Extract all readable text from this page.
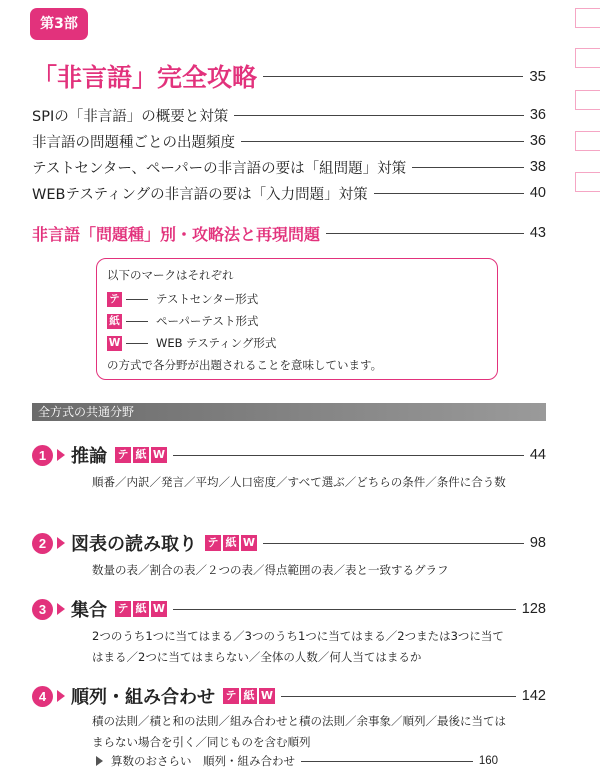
第3部
「非言語」完全攻略	35
SPIの「非言語」の概要と対策	36
非言語の問題種ごとの出題頻度	36
テストセンター、ペーパーの非言語の要は「組問題」対策	38
WEBテスティングの非言語の要は「入力問題」対策	40
非言語「問題種」別・攻略法と再現問題	43
以下のマークはそれぞれ
テ	テストセンター形式
紙	ペーパーテスト形式
W	WEB テスティング形式
の方式で各分野が出題されることを意味しています。
全方式の共通分野
1	推論 テ 紙 W	44
順番／内訳／発言／平均／人口密度／すべて選ぶ／どちらの条件／条件に合う数
2	図表の読み取り テ 紙 W	98
数量の表／割合の表／２つの表／得点範囲の表／表と一致するグラフ
3	集合 テ 紙 W	128
2つのうち1つに当てはまる／3つのうち1つに当てはまる／2つまたは3つに当てはまる／2つに当てはまらない／全体の人数／何人当てはまるか
4	順列・組み合わせ テ 紙 W	142
積の法則／積と和の法則／組み合わせと積の法則／余事象／順列／最後に当てはまらない場合を引く／同じものを含む順列
算数のおさらい　順列・組み合わせ	160
